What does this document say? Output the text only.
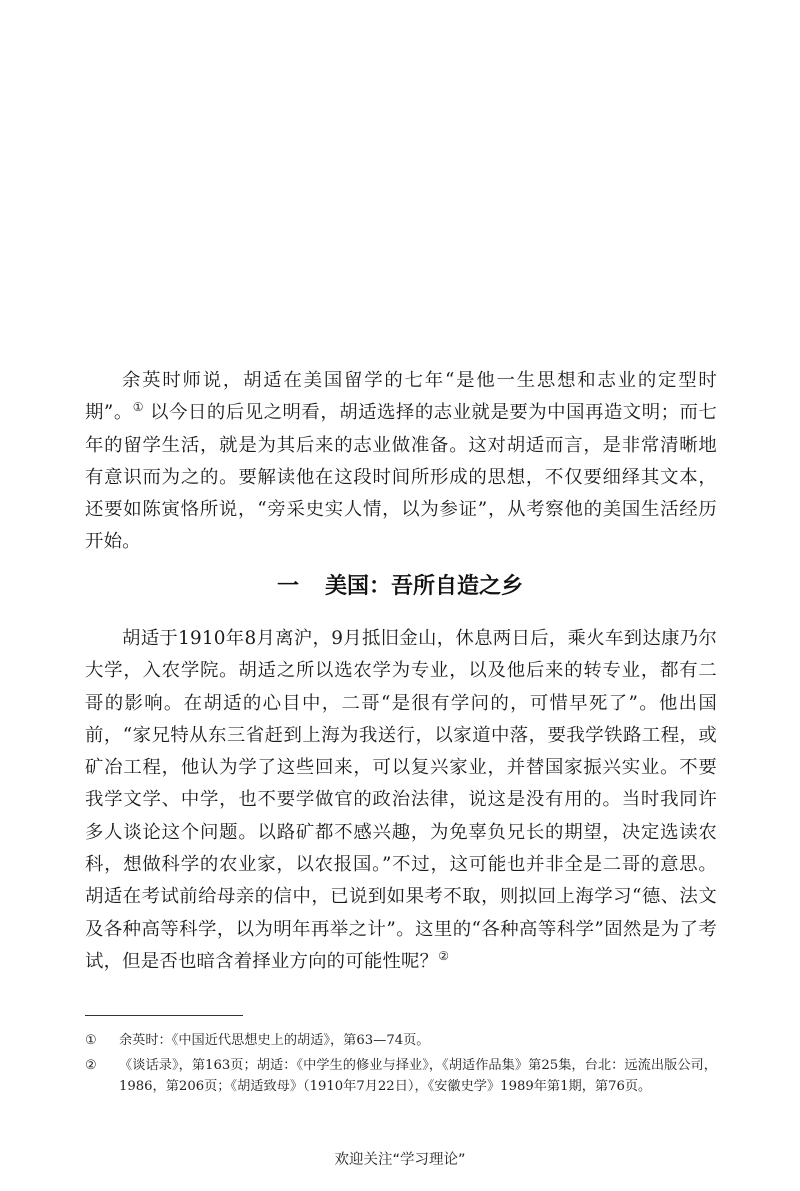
余英时师说，胡适在美国留学的七年“是他一生思想和志业的定型时期”。① 以今日的后见之明看，胡适选择的志业就是要为中国再造文明；而七年的留学生活，就是为其后来的志业做准备。这对胡适而言，是非常清晰地有意识而为之的。要解读他在这段时间所形成的思想，不仅要细绎其文本，还要如陈寅恪所说，“旁采史实人情，以为参证”，从考察他的美国生活经历开始。

一 美国：吾所自造之乡

胡适于1910年8月离沪，9月抵旧金山，休息两日后，乘火车到达康乃尔大学，入农学院。胡适之所以选农学为专业，以及他后来的转专业，都有二哥的影响。在胡适的心目中，二哥“是很有学问的，可惜早死了”。他出国前，“家兄特从东三省赶到上海为我送行，以家道中落，要我学铁路工程，或矿冶工程，他认为学了这些回来，可以复兴家业，并替国家振兴实业。不要我学文学、中学，也不要学做官的政治法律，说这是没有用的。当时我同许多人谈论这个问题。以路矿都不感兴趣，为免辜负兄长的期望，决定选读农科，想做科学的农业家，以农报国。”不过，这可能也并非全是二哥的意思。胡适在考试前给母亲的信中，已说到如果考不取，则拟回上海学习“德、法文及各种高等科学，以为明年再举之计”。这里的“各种高等科学”固然是为了考试，但是否也暗含着择业方向的可能性呢？②

① 余英时：《中国近代思想史上的胡适》，第63—74页。
② 《谈话录》，第163页；胡适：《中学生的修业与择业》，《胡适作品集》第25集，台北：远流出版公司，1986，第206页；《胡适致母》（1910年7月22日），《安徽史学》1989年第1期，第76页。
欢迎关注“学习理论”
